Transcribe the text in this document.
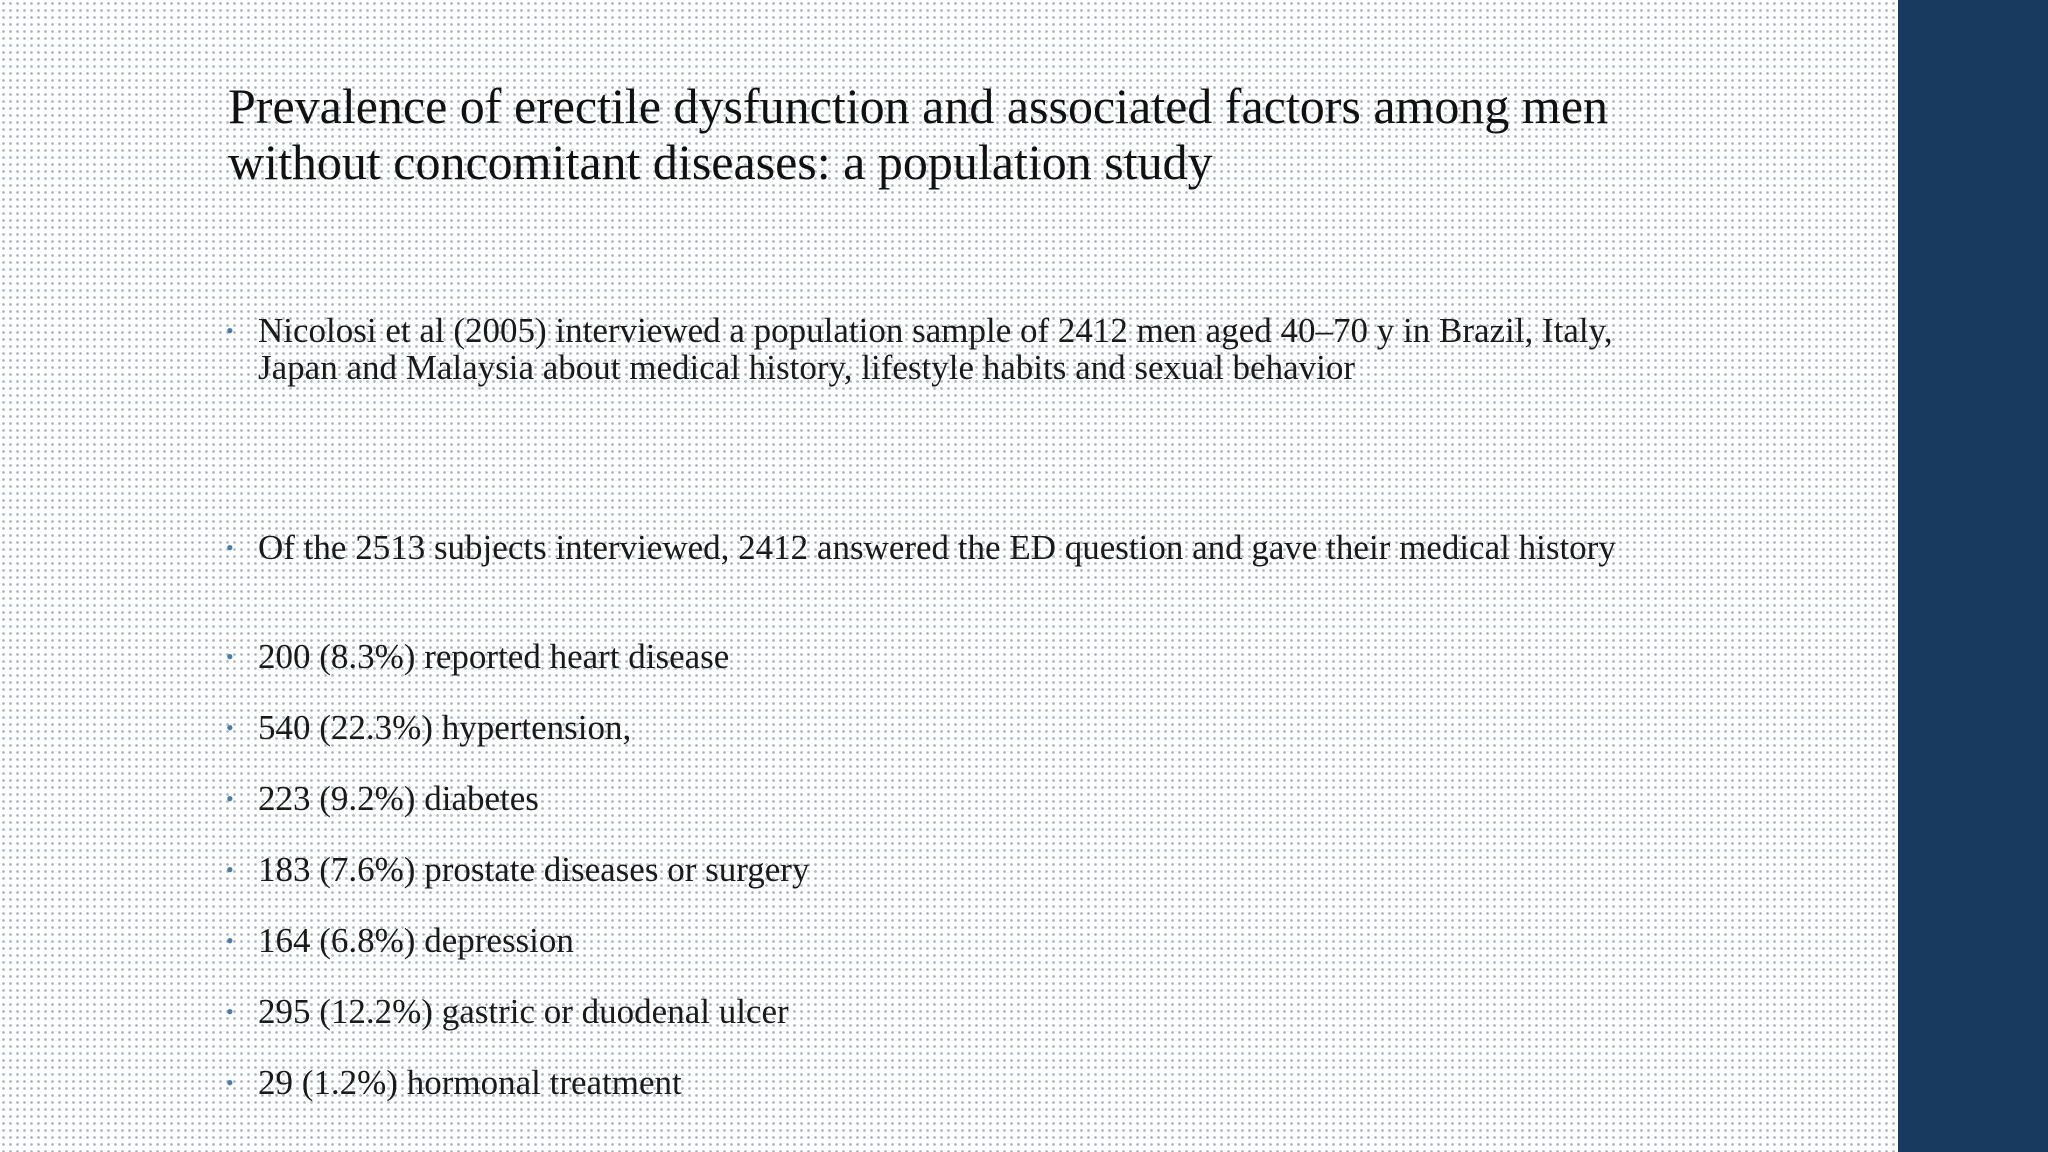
Prevalence of erectile dysfunction and associated factors among men without concomitant diseases: a population study
• Nicolosi et al (2005) interviewed a population sample of 2412 men aged 40–70 y in Brazil, Italy, Japan and Malaysia about medical history, lifestyle habits and sexual behavior
• Of the 2513 subjects interviewed, 2412 answered the ED question and gave their medical history
• 200 (8.3%) reported heart disease
• 540 (22.3%) hypertension,
• 223 (9.2%) diabetes
• 183 (7.6%) prostate diseases or surgery
• 164 (6.8%) depression
• 295 (12.2%) gastric or duodenal ulcer
• 29 (1.2%) hormonal treatment
